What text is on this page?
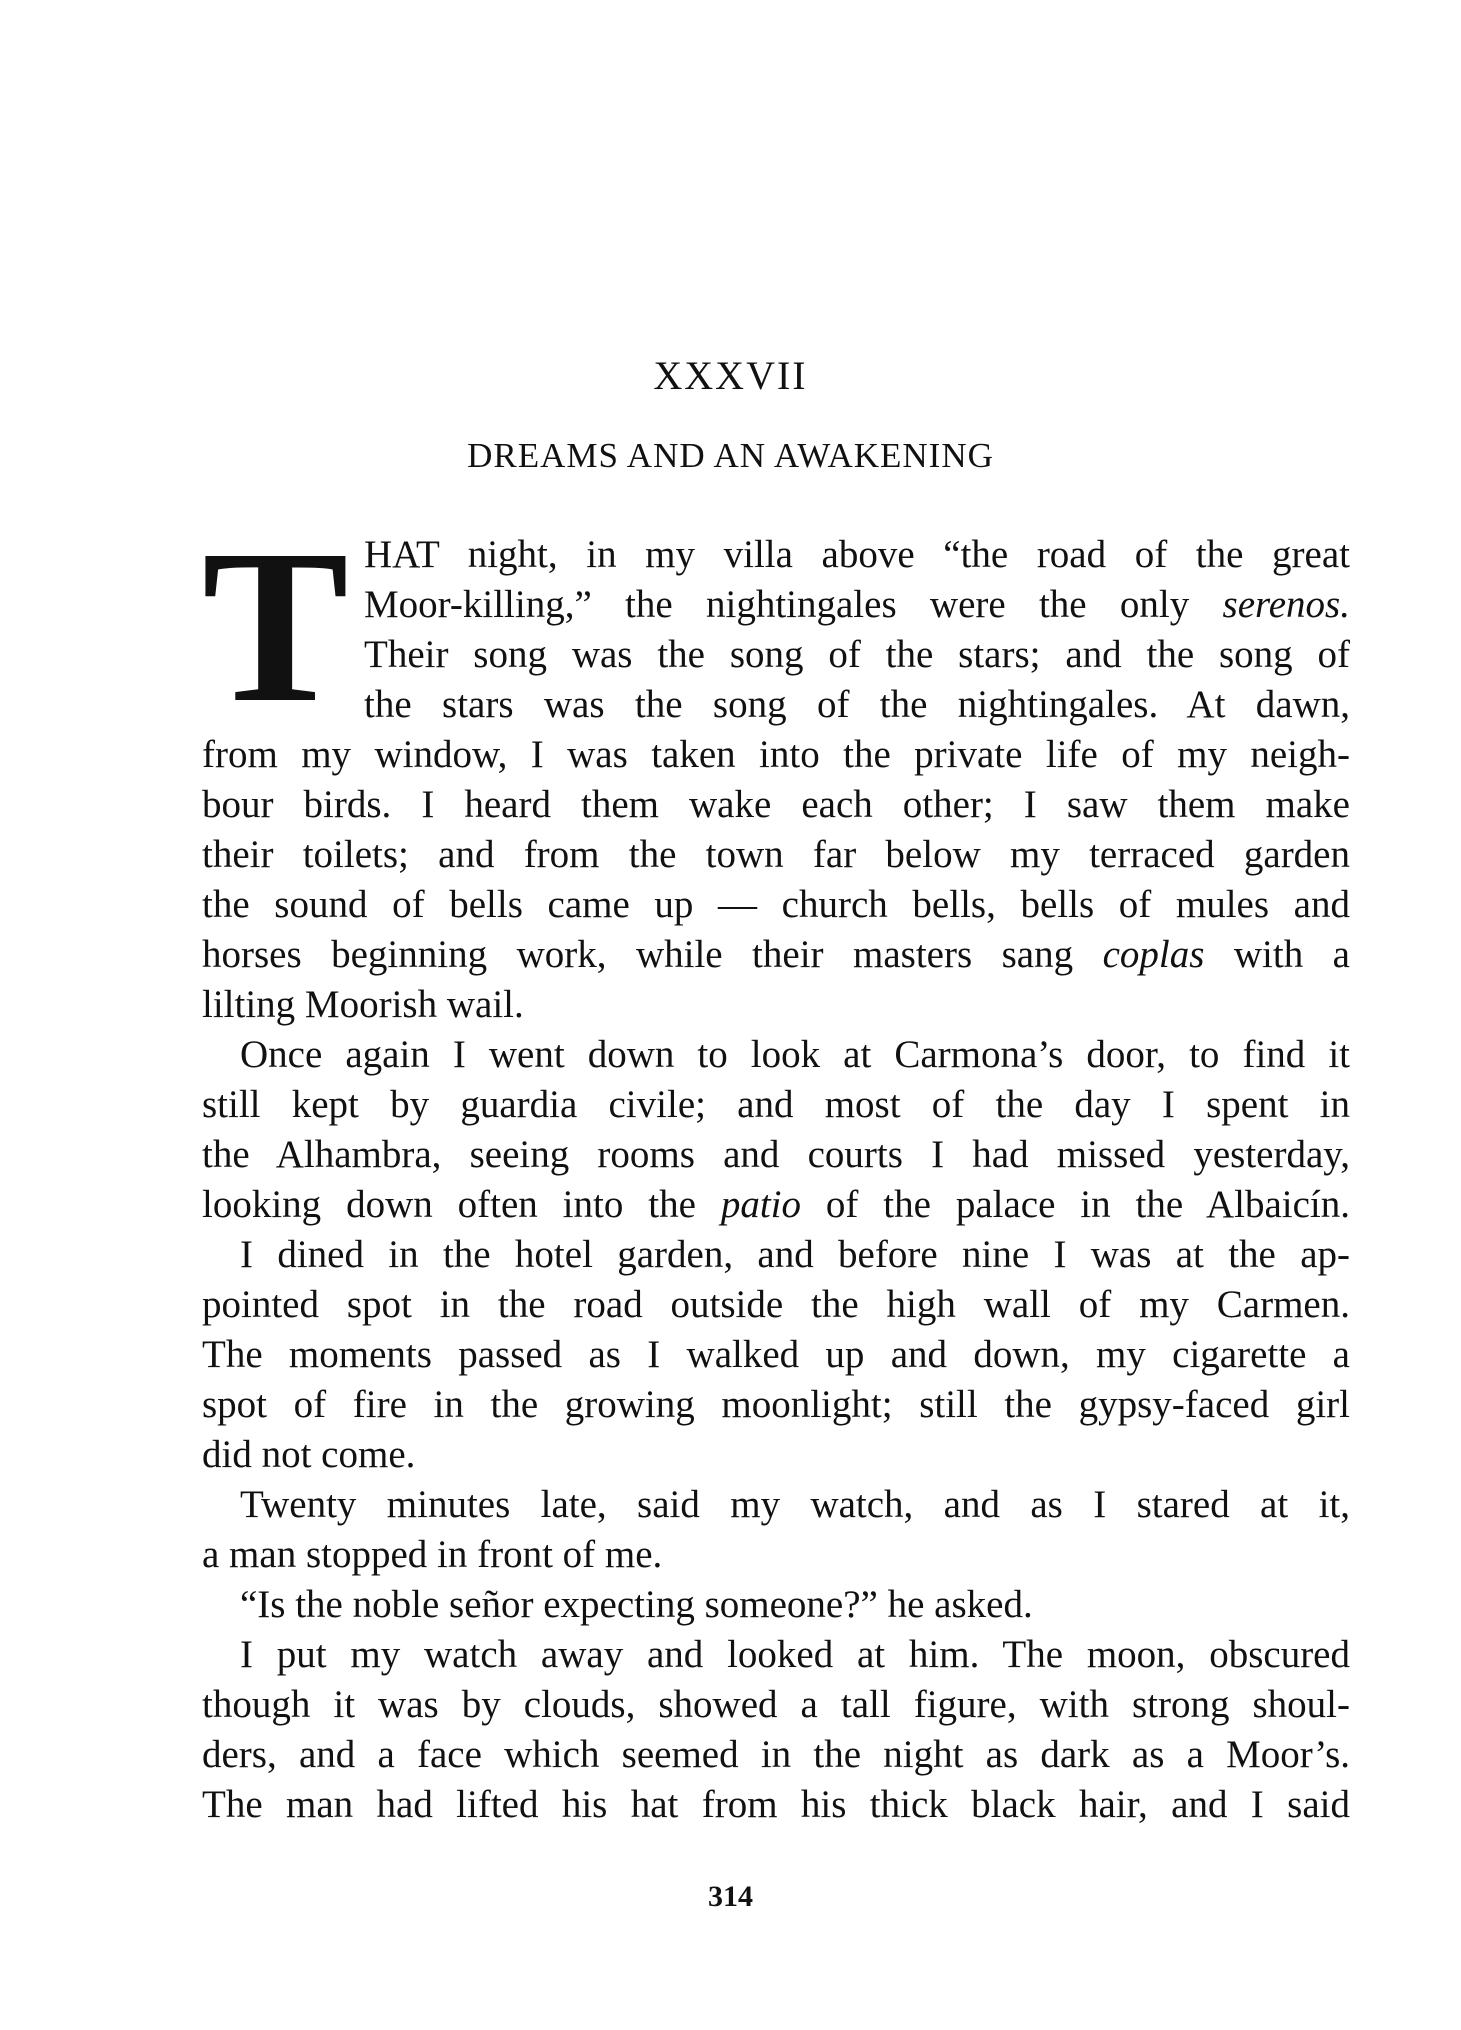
XXXVII
DREAMS AND AN AWAKENING
T HAT night, in my villa above “the road of the great
Moor-killing,” the nightingales were the only serenos.
Their song was the song of the stars; and the song of
the stars was the song of the nightingales. At dawn,
from my window, I was taken into the private life of my neigh-
bour birds. I heard them wake each other; I saw them make
their toilets; and from the town far below my terraced garden
the sound of bells came up — church bells, bells of mules and
horses beginning work, while their masters sang coplas with a
lilting Moorish wail.
Once again I went down to look at Carmona’s door, to find it
still kept by guardia civile; and most of the day I spent in
the Alhambra, seeing rooms and courts I had missed yesterday,
looking down often into the patio of the palace in the Albaicín.
I dined in the hotel garden, and before nine I was at the ap-
pointed spot in the road outside the high wall of my Carmen.
The moments passed as I walked up and down, my cigarette a
spot of fire in the growing moonlight; still the gypsy-faced girl
did not come.
Twenty minutes late, said my watch, and as I stared at it,
a man stopped in front of me.
“Is the noble señor expecting someone?” he asked.
I put my watch away and looked at him. The moon, obscured
though it was by clouds, showed a tall figure, with strong shoul-
ders, and a face which seemed in the night as dark as a Moor’s.
The man had lifted his hat from his thick black hair, and I said
314
